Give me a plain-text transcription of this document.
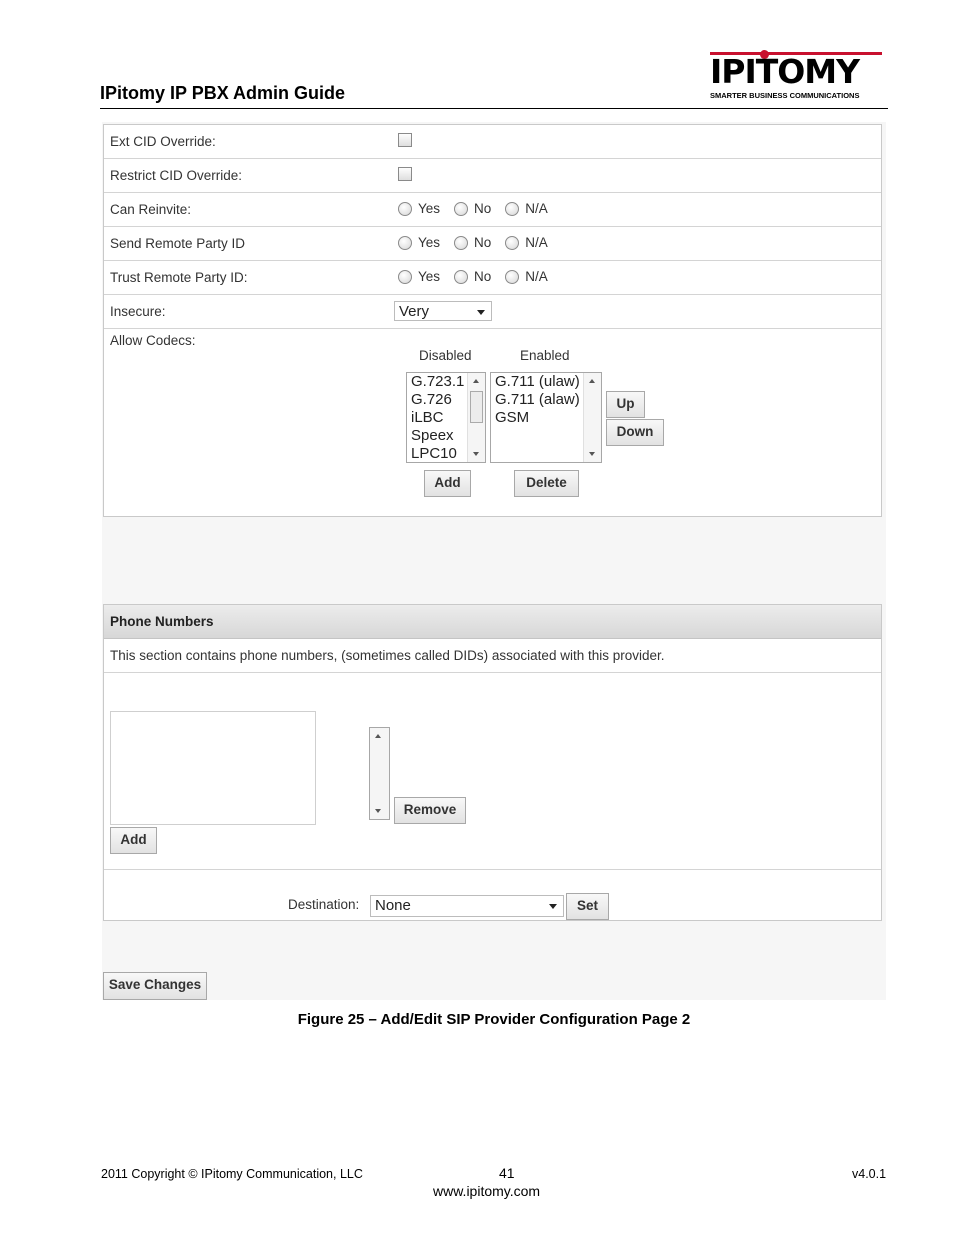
IPitomy IP PBX Admin Guide
IPITOMY
SMARTER BUSINESS COMMUNICATIONS
Ext CID Override:
Restrict CID Override:
Can Reinvite:	Yes	No	N/A
Send Remote Party ID	Yes	No	N/A
Trust Remote Party ID:	Yes	No	N/A
Insecure:	Very
Allow Codecs:
Disabled	Enabled
G.723.1
G.726
iLBC
Speex
LPC10
G.711 (ulaw)
G.711 (alaw)
GSM
Up
Down
Add	Delete
Phone Numbers
This section contains phone numbers, (sometimes called DIDs) associated with this provider.
Add
Remove
Destination:	None	Set
Save Changes
Figure 25 – Add/Edit SIP Provider Configuration Page 2
2011 Copyright © IPitomy Communication, LLC	41
www.ipitomy.com
v4.0.1
